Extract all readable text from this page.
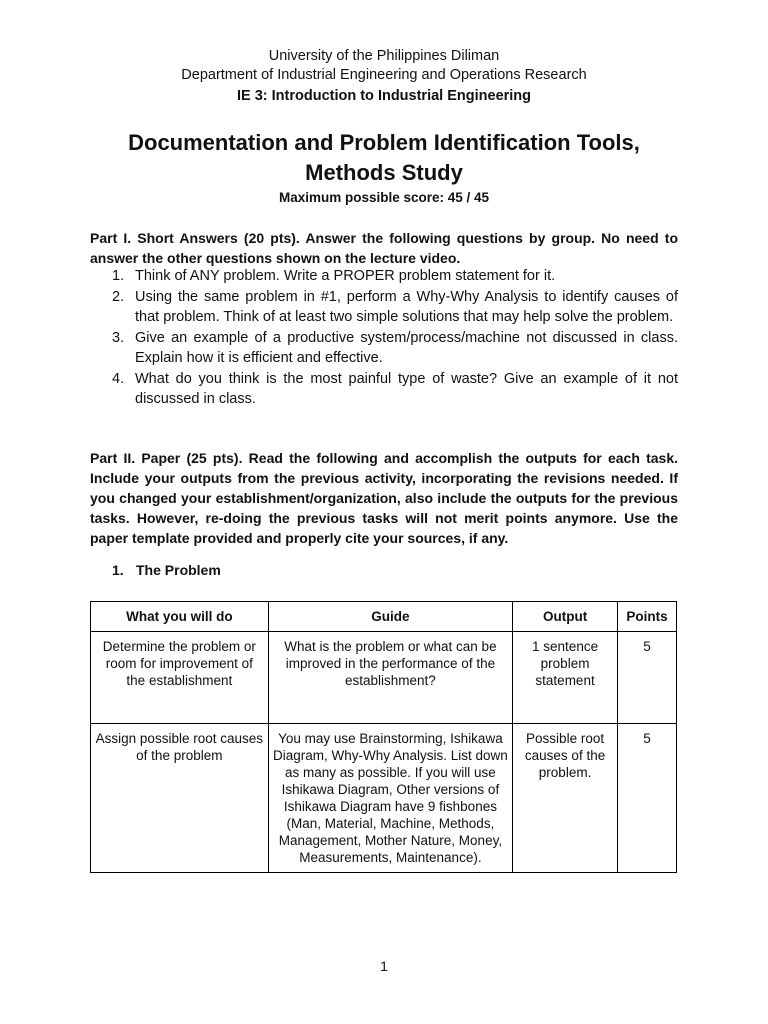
University of the Philippines Diliman
Department of Industrial Engineering and Operations Research
IE 3: Introduction to Industrial Engineering
Documentation and Problem Identification Tools,
Methods Study
Maximum possible score: 45 / 45
Part I. Short Answers (20 pts). Answer the following questions by group. No need to answer the other questions shown on the lecture video.
1. Think of ANY problem. Write a PROPER problem statement for it.
2. Using the same problem in #1, perform a Why-Why Analysis to identify causes of that problem. Think of at least two simple solutions that may help solve the problem.
3. Give an example of a productive system/process/machine not discussed in class. Explain how it is efficient and effective.
4. What do you think is the most painful type of waste? Give an example of it not discussed in class.
Part II. Paper (25 pts). Read the following and accomplish the outputs for each task. Include your outputs from the previous activity, incorporating the revisions needed. If you changed your establishment/organization, also include the outputs for the previous tasks. However, re-doing the previous tasks will not merit points anymore. Use the paper template provided and properly cite your sources, if any.
1. The Problem
What you will do	Guide	Output	Points
Determine the problem or room for improvement of the establishment	What is the problem or what can be improved in the performance of the establishment?	1 sentence problem statement	5
Assign possible root causes of the problem	You may use Brainstorming, Ishikawa Diagram, Why-Why Analysis. List down as many as possible. If you will use Ishikawa Diagram, Other versions of Ishikawa Diagram have 9 fishbones (Man, Material, Machine, Methods, Management, Mother Nature, Money, Measurements, Maintenance).	Possible root causes of the problem.	5
1
